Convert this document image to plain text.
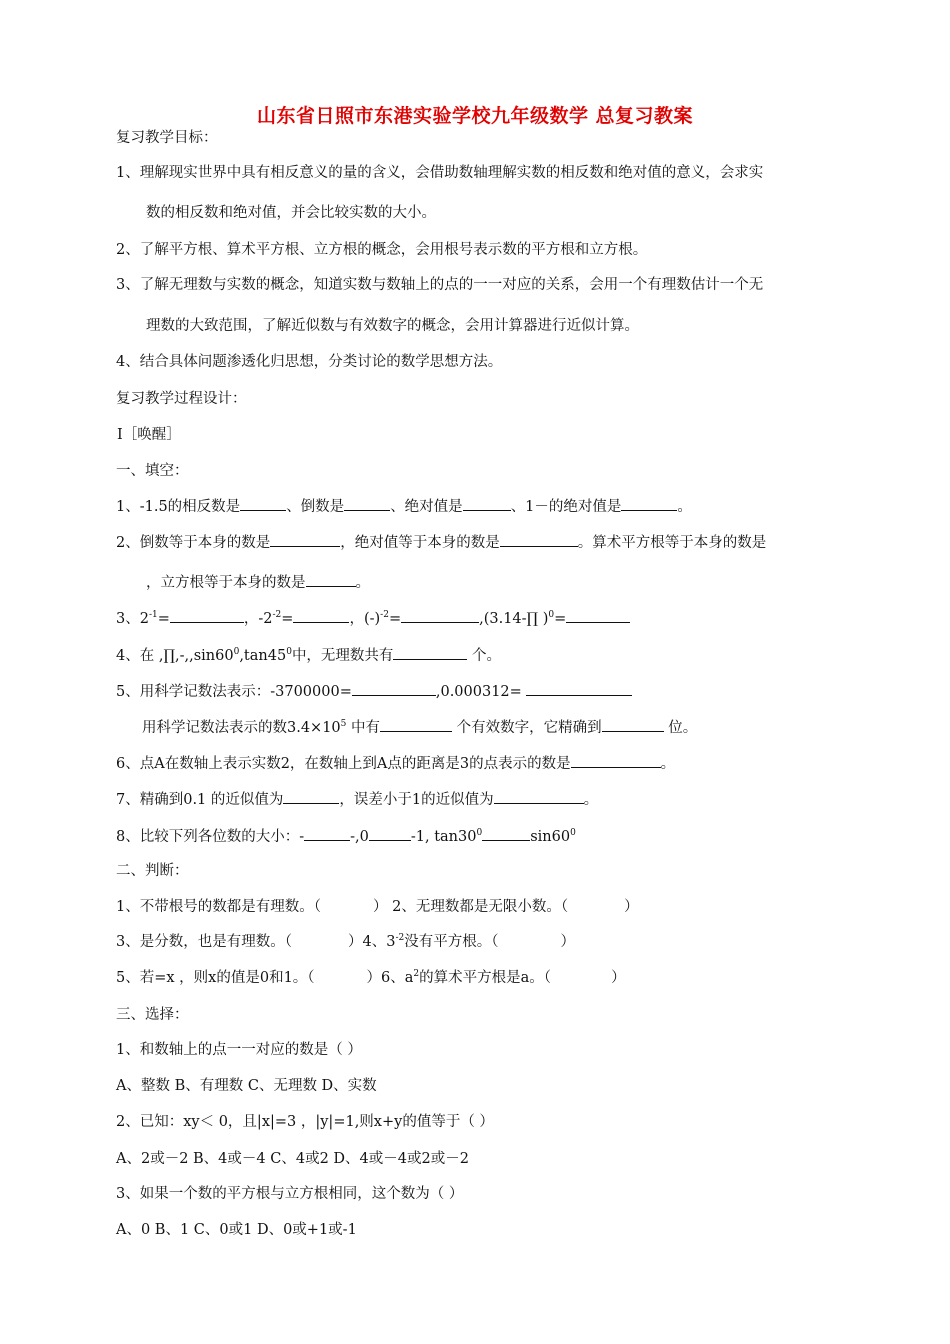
山东省日照市东港实验学校九年级数学 总复习教案
复习教学目标：
1、理解现实世界中具有相反意义的量的含义，会借助数轴理解实数的相反数和绝对值的意义，会求实
数的相反数和绝对值，并会比较实数的大小。
2、了解平方根、算术平方根、立方根的概念，会用根号表示数的平方根和立方根。
3、了解无理数与实数的概念，知道实数与数轴上的点的一一对应的关系，会用一个有理数估计一个无
理数的大致范围，了解近似数与有效数字的概念，会用计算器进行近似计算。
4、结合具体问题渗透化归思想，分类讨论的数学思想方法。
复习教学过程设计：
Ⅰ［唤醒］
一、填空：
1、-1.5的相反数是	、倒数是	、绝对值是	、1－的绝对值是	。
2、倒数等于本身的数是	，绝对值等于本身的数是	。算术平方根等于本身的数是
，立方根等于本身的数是	。
3、$2^{-1}=$	，$-2^{-2}=$	，$(-)^{-2}=$	,(3.14-∏ )$^0$=
4、在 $,\prod,-,,\sin 60^0,\tan 45^0$中，无理数共有	个。
5、用科学记数法表示：-3700000=	,0.000312=
用科学记数法表示的数$3.4\times 10^5$ 中有	个有效数字，它精确到	位。
6、点A在数轴上表示实数2，在数轴上到A点的距离是3的点表示的数是	。
7、精确到0.1 的近似值为	，误差小于1的近似值为	。
8、比较下列各位数的大小：-	-,0	-1, $\tan 30^0$	$\sin 60^0$
二、判断：
1、不带根号的数都是有理数。（	） 2、无理数都是无限小数。（	）
3、是分数，也是有理数。（	）4、$3^{-2}$没有平方根。（	）
5、若=x ，则x的值是0和1。（	）6、$a^2$的算术平方根是a。（	）
三、选择：
1、和数轴上的点一一对应的数是（ ）
A、整数 B、有理数 C、无理数 D、实数
2、已知：xy＜ 0，且|x|=3 ，|y|=1,则x+y的值等于（ ）
A、2或－2 B、4或－4 C、4或2 D、4或－4或2或－2
3、如果一个数的平方根与立方根相同，这个数为（ ）
A、0 B、1 C、0或1 D、0或+1或-1
